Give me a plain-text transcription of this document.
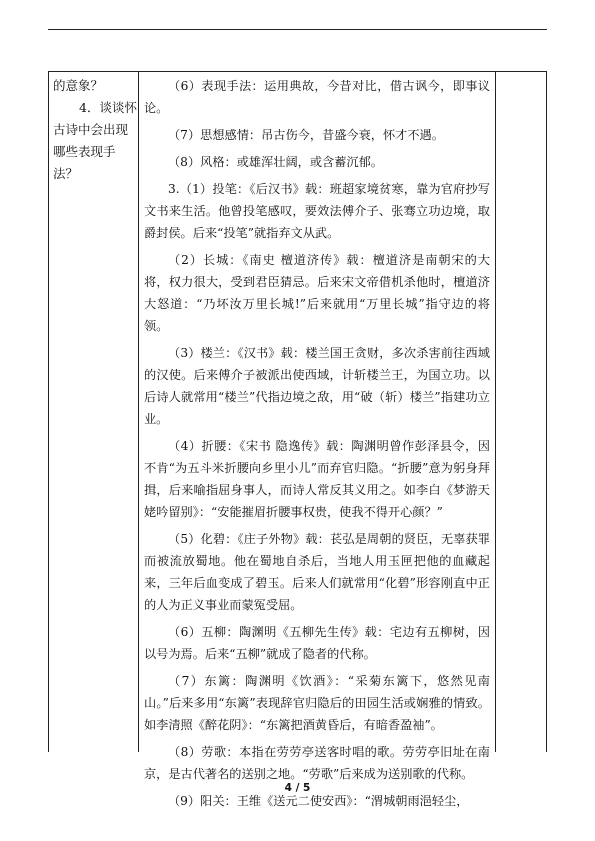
的意象？

4．谈谈怀古诗中会出现哪些表现手法？

（6）表现手法：运用典故，今昔对比，借古讽今，即事议论。

（7）思想感情：吊古伤今，昔盛今衰，怀才不遇。

（8）风格：或雄浑壮阔，或含蓄沉郁。

3.（1）投笔：《后汉书》载：班超家境贫寒，靠为官府抄写文书来生活。他曾投笔感叹，要效法傅介子、张骞立功边境，取爵封侯。后来“投笔”就指弃文从武。

（2）长城：《南史 檀道济传》载：檀道济是南朝宋的大将，权力很大，受到君臣猜忌。后来宋文帝借机杀他时，檀道济大怒道：“乃坏汝万里长城!”后来就用“万里长城”指守边的将领。

（3）楼兰：《汉书》载：楼兰国王贪财，多次杀害前往西域的汉使。后来傅介子被派出使西域，计斩楼兰王，为国立功。以后诗人就常用“楼兰”代指边境之敌，用“破（斩）楼兰”指建功立业。

（4）折腰：《宋书 隐逸传》载：陶渊明曾作彭泽县令，因不肯“为五斗米折腰向乡里小儿”而弃官归隐。“折腰”意为躬身拜揖，后来喻指屈身事人，而诗人常反其义用之。如李白《梦游天姥吟留别》：“安能摧眉折腰事权贵，使我不得开心颜？”

（5）化碧：《庄子外物》载：苌弘是周朝的贤臣，无辜获罪而被流放蜀地。他在蜀地自杀后，当地人用玉匣把他的血藏起来，三年后血变成了碧玉。后来人们就常用“化碧”形容刚直中正的人为正义事业而蒙冤受屈。

（6）五柳：陶渊明《五柳先生传》载：宅边有五柳树，因以号为焉。后来“五柳”就成了隐者的代称。

（7）东篱：陶渊明《饮酒》：“采菊东篱下，悠然见南山。”后来多用“东篱”表现辞官归隐后的田园生活或娴雅的情致。如李清照《醉花阴》：“东篱把酒黄昏后，有暗香盈袖”。

（8）劳歌：本指在劳劳亭送客时唱的歌。劳劳亭旧址在南京，是古代著名的送别之地。“劳歌”后来成为送别歌的代称。

（9）阳关：王维《送元二使安西》：“渭城朝雨浥轻尘，

4 / 5
